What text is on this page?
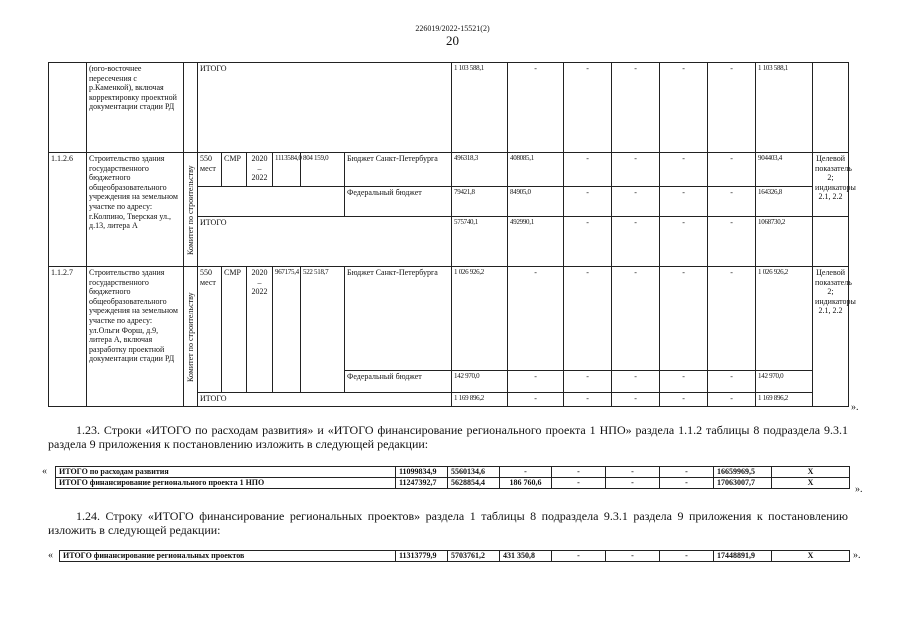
226019/2022-15521(2)
20
	(юго-восточнее пересечения с р.Каменкой), включая корректировку проектной документации стадии РД		ИТОГО						1 103 588,1	-	-	-	-	-	1 103 588,1	
1.1.2.6	Строительство здания государственного бюджетного общеобразовательного учреждения на земельном участке по адресу: г.Колпино, Тверская ул., д.13, литера А	Комитет по строительству	550 мест	СМР	2020 – 2022	1113584,0	804 159,0	Бюджет Санкт-Петербурга	496318,3	408085,1	-	-	-	-	904403,4	Целевой показатель 2; индикаторы 2.1, 2.2
								Федеральный бюджет	79421,8	84905,0	-	-	-	-	164326,8	
			ИТОГО						575740,1	492990,1	-	-	-	-	1068730,2	
1.1.2.7	Строительство здания государственного бюджетного общеобразовательного учреждения на земельном участке по адресу: ул.Ольги Форш, д.9, литера А, включая разработку проектной документации стадии РД	Комитет по строительству	550 мест	СМР	2020 – 2022	967175,4	522 518,7	Бюджет Санкт-Петербурга	1 026 926,2	-	-	-	-	-	1 026 926,2	Целевой показатель 2; индикаторы 2.1, 2.2
								Федеральный бюджет	142 970,0	-	-	-	-	-	142 970,0	
			ИТОГО						1 169 896,2	-	-	-	-	-	1 169 896,2	
».
1.23. Строки «ИТОГО по расходам развития» и «ИТОГО финансирование регионального проекта 1 НПО» раздела 1.1.2 таблицы 8 подраздела 9.3.1 раздела 9 приложения к постановлению изложить в следующей редакции:
« ИТОГО по расходам развития	11099834,9	5560134,6	-	-	-	-	16659969,5	Х
ИТОГО финансирование регионального проекта 1 НПО	11247392,7	5628854,4	186 760,6	-	-	-	17063007,7	Х
».
1.24. Строку «ИТОГО финансирование региональных проектов» раздела 1 таблицы 8 подраздела 9.3.1 раздела 9 приложения к постановлению изложить в следующей редакции:
« ИТОГО финансирование региональных проектов	11313779,9	5703761,2	431 350,8	-	-	-	17448891,9	Х	».
